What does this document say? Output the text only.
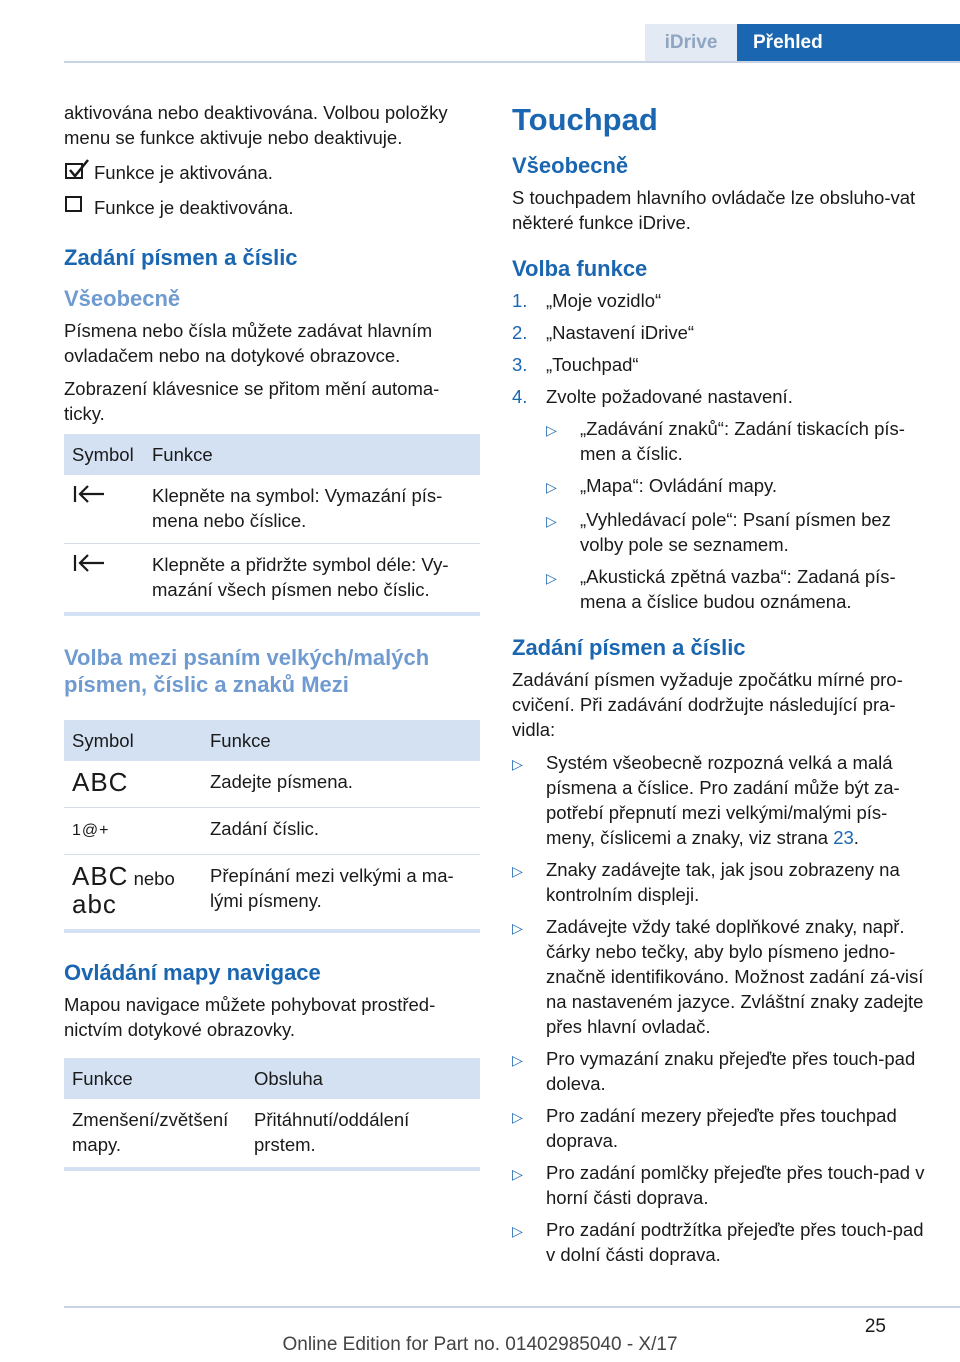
iDrive	Přehled

aktivována nebo deaktivována. Volbou položky menu se funkce aktivuje nebo deaktivuje.

Funkce je aktivována.
Funkce je deaktivována.
Zadání písmen a číslic
Všeobecně

Písmena nebo čísla můžete zadávat hlavním ovladačem nebo na dotykové obrazovce.

Zobrazení klávesnice se přitom mění automa‐ticky.

Symbol	Funkce
	Klepněte na symbol: Vymazání pís‐mena nebo číslice.
	Klepněte a přidržte symbol déle: Vy‐mazání všech písmen nebo číslic.
Volba mezi psaním velkých/malých písmen, číslic a znaků Mezi
Symbol	Funkce
ABC	Zadejte písmena.
1@+	Zadání číslic.
ABC nebo
abc	Přepínání mezi velkými a ma‐lými písmeny.
Ovládání mapy navigace

Mapou navigace můžete pohybovat prostřed‐nictvím dotykové obrazovky.

Funkce	Obsluha
Zmenšení/zvětšení mapy.	Přitáhnutí/oddálení prstem.
Touchpad
Všeobecně

S touchpadem hlavního ovládače lze obsluho‐vat některé funkce iDrive.

Volba funkce
1.	„Moje vozidlo“
2.	„Nastavení iDrive“
3.	„Touchpad“
4.	Zvolte požadované nastavení.
▷	„Zadávání znaků“: Zadání tiskacích pís‐men a číslic.
▷	„Mapa“: Ovládání mapy.
▷	„Vyhledávací pole“: Psaní písmen bez volby pole se seznamem.
▷	„Akustická zpětná vazba“: Zadaná pís‐mena a číslice budou oznámena.
Zadání písmen a číslic

Zadávání písmen vyžaduje zpočátku mírné pro‐cvičení. Při zadávání dodržujte následující pra‐vidla:

▷	Systém všeobecně rozpozná velká a malá písmena a číslice. Pro zadání může být za‐potřebí přepnutí mezi velkými/malými pís‐meny, číslicemi a znaky, viz strana 23.
▷	Znaky zadávejte tak, jak jsou zobrazeny na kontrolním displeji.
▷	Zadávejte vždy také doplňkové znaky, např. čárky nebo tečky, aby bylo písmeno jedno‐značně identifikováno. Možnost zadání zá‐visí na nastaveném jazyce. Zvláštní znaky zadejte přes hlavní ovladač.
▷	Pro vymazání znaku přejeďte přes touch‐pad doleva.
▷	Pro zadání mezery přejeďte přes touchpad doprava.
▷	Pro zadání pomlčky přejeďte přes touch‐pad v horní části doprava.
▷	Pro zadání podtržítka přejeďte přes touch‐pad v dolní části doprava.
25
Online Edition for Part no. 01402985040 - X/17
